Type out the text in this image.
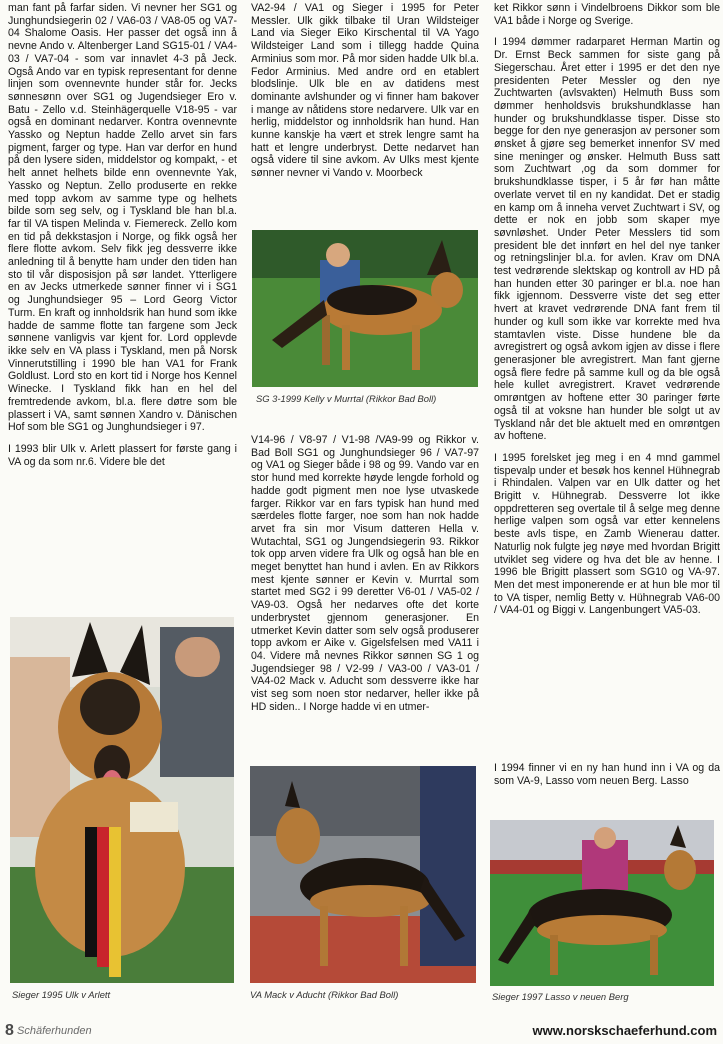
man fant på farfar siden. Vi nevner her SG1 og Junghundsiegerin 02 / VA6-03 / VA8-05 og VA7-04 Shalome Oasis. Her passer det også inn å nevne Ando v. Altenberger Land SG15-01 / VA4-03 / VA7-04 - som var innavlet 4-3 på Jeck. Også Ando var en typisk representant for denne linjen som ovennevnte hunder står for. Jecks sønnesønn over SG1 og Jugendsieger Ero v. Batu - Zello v.d. Steinhägerquelle V18-95 - var også en dominant nedarver. Kontra ovennevnte Yassko og Neptun hadde Zello arvet sin fars pigment, farger og type. Han var derfor en hund på den lysere siden, middelstor og kompakt, - et helt annet helhets bilde enn ovennevnte Yak, Yassko og Neptun. Zello produserte en rekke med topp avkom av samme type og helhets bilde som seg selv, og i Tyskland ble han bl.a. far til VA tispen Melinda v. Fiemereck. Zello kom en tid på dekkstasjon i Norge, og fikk også her flere flotte avkom. Selv fikk jeg dessverre ikke anledning til å benytte ham under den tiden han sto til vår disposisjon på sør landet. Ytterligere en av Jecks utmerkede sønner finner vi i SG1 og Junghundsieger 95 – Lord Georg Victor Turm. En kraft og innholdsrik han hund som ikke hadde de samme flotte tan fargene som Jeck sønnene vanligvis var kjent for. Lord opplevde ikke selv en VA plass i Tyskland, men på Norsk Vinnerutstilling i 1990 ble han VA1 for Frank Goldlust. Lord sto en kort tid i Norge hos Kennel Winecke. I Tyskland fikk han en hel del fremtredende avkom, bl.a. flere døtre som ble plassert i VA, samt sønnen Xandro v. Dänischen Hof som ble SG1 og Junghundsieger i 97.

I 1993 blir Ulk v. Arlett plassert for første gang i VA og da som nr.6. Videre ble det

Sieger 1995 Ulk v Arlett

VA2-94 / VA1 og Sieger i 1995 for Peter Messler. Ulk gikk tilbake til Uran Wildsteiger Land via Sieger Eiko Kirschental til VA Yago Wildsteiger Land som i tillegg hadde Quina Arminius som mor. På mor siden hadde Ulk bl.a. Fedor Arminius. Med andre ord en etablert blodslinje. Ulk ble en av datidens mest dominante avlshunder og vi finner ham bakover i mange av nåtidens store nedarvere. Ulk var en herlig, middelstor og innholdsrik han hund. Han kunne kanskje ha vært et strek lengre samt ha hatt et lengre underbryst. Dette nedarvet han også videre til sine avkom. Av Ulks mest kjente sønner nevner vi Vando v. Moorbeck

SG 3-1999 Kelly v Murrtal (Rikkor Bad Boll)

V14-96 / V8-97 / V1-98 /VA9-99 og Rikkor v. Bad Boll SG1 og Junghundsieger 96 / VA7-97 og VA1 og Sieger både i 98 og 99. Vando var en stor hund med korrekte høyde lengde forhold og hadde godt pigment men noe lyse utvaskede farger. Rikkor var en fars typisk han hund med særdeles flotte farger, noe som han nok hadde arvet fra sin mor Visum datteren Hella v. Wutachtal, SG1 og Jungendsiegerin 93. Rikkor tok opp arven videre fra Ulk og også han ble en meget benyttet han hund i avlen. En av Rikkors mest kjente sønner er Kevin v. Murrtal som startet med SG2 i 99 deretter V6-01 / VA5-02 / VA9-03. Også her nedarves ofte det korte underbrystet gjennom generasjoner. En utmerket Kevin datter som selv også produserer topp avkom er Aike v. Gigelsfelsen med VA11 i 04. Videre må nevnes Rikkor sønnen SG 1 og Jugendsieger 98 / V2-99 / VA3-00 / VA3-01 / VA4-02 Mack v. Aducht som dessverre ikke har vist seg som noen stor nedarver, heller ikke på HD siden.. I Norge hadde vi en utmer-

VA Mack v Aducht (Rikkor Bad Boll)

ket Rikkor sønn i Vindelbroens Dikkor som ble VA1 både i Norge og Sverige.

I 1994 dømmer radarparet Herman Martin og Dr. Ernst Beck sammen for siste gang på Siegerschau. Året etter i 1995 er det den nye presidenten Peter Messler og den nye Zuchtwarten (avlsvakten) Helmuth Buss som dømmer henholdsvis brukshundklasse han hunder og brukshundklasse tisper. Disse sto begge for den nye generasjon av personer som ønsket å gjøre seg bemerket innenfor SV med sine meninger og ønsker. Helmuth Buss satt som Zuchtwart ,og da som dommer for brukshundklasse tisper, i 5 år før han måtte overlate vervet til en ny kandidat. Det er stadig en kamp om å inneha vervet Zuchtwart i SV, og dette er nok en jobb som skaper mye søvnløshet. Under Peter Messlers tid som president ble det innført en hel del nye tanker og retningslinjer bl.a. for avlen. Krav om DNA test vedrørende slektskap og kontroll av HD på han hunden etter 30 paringer er bl.a. noe han fikk igjennom. Dessverre viste det seg etter hvert at kravet vedrørende DNA fant frem til hunder og kull som ikke var korrekte med hva stamtavlen viste. Disse hundene ble da avregistrert og også avkom igjen av disse i flere generasjoner ble avregistrert. Man fant gjerne også flere fedre på samme kull og da ble også hele kullet avregistrert. Kravet vedrørende omrøntgen av hoftene etter 30 paringer førte også til at voksne han hunder ble solgt ut av Tyskland når det ble aktuelt med en omrøntgen av hoftene.

I 1995 forelsket jeg meg i en 4 mnd gammel tispevalp under et besøk hos kennel Hühnegrab i Rhindalen. Valpen var en Ulk datter og het Brigitt v. Hühnegrab. Dessverre lot ikke oppdretteren seg overtale til å selge meg denne herlige valpen som også var etter kennelens beste avls tispe, en Zamb Wienerau datter. Naturlig nok fulgte jeg nøye med hvordan Brigitt utviklet seg videre og hva det ble av henne. I 1996 ble Brigitt plassert som SG10 og VA-97. Men det mest imponerende er at hun ble mor til to VA tisper, nemlig Betty v. Hühnegrab VA6-00 / VA4-01 og Biggi v. Langenbungert VA5-03.

I 1994 finner vi en ny han hund inn i VA og da som VA-9, Lasso vom neuen Berg. Lasso

Sieger 1997 Lasso v neuen Berg
8 Schäferhunden	www.norskschaeferhund.com
